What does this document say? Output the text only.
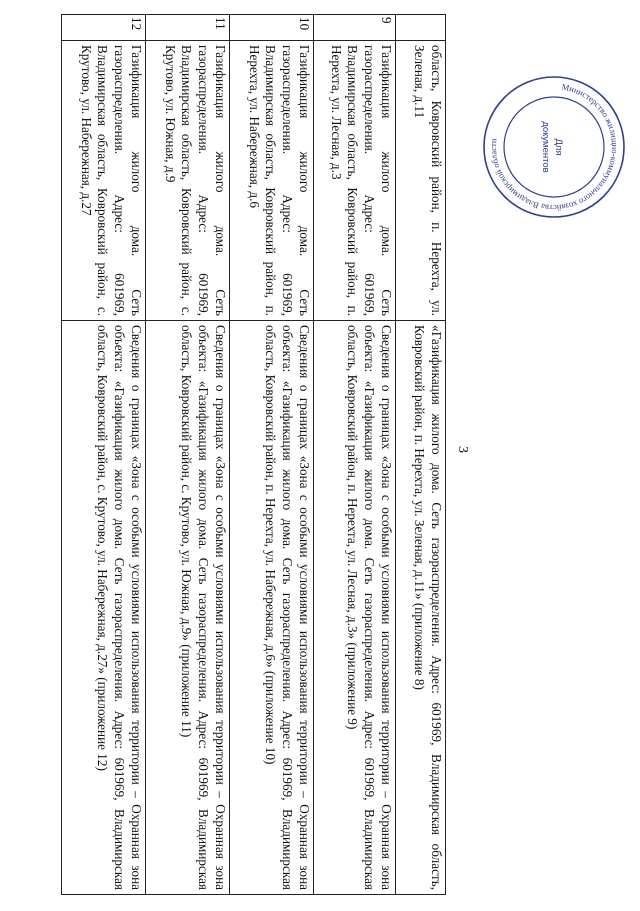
3
	область, Ковровский район, п. Нерехта, ул. Зеленая, д.11	«Газификация жилого дома. Сеть газораспределения. Адрес: 601969, Владимирская область, Ковровский район, п. Нерехта, ул. Зеленая, д.11» (приложение 8)
9	Газификация жилого дома. Сеть газораспределения. Адрес: 601969, Владимирская область, Ковровский район, п. Нерехта, ул. Лесная, д.3	Сведения о границах «Зона с особыми условиями использования территории – Охранная зона объекта: «Газификация жилого дома. Сеть газораспределения. Адрес: 601969, Владимирская область, Ковровский район, п. Нерехта, ул. Лесная, д.3» (приложение 9)
10	Газификация жилого дома. Сеть газораспределения. Адрес: 601969, Владимирская область, Ковровский район, п. Нерехта, ул. Набережная, д.6	Сведения о границах «Зона с особыми условиями использования территории – Охранная зона объекта: «Газификация жилого дома. Сеть газораспределения. Адрес: 601969, Владимирская область, Ковровский район, п. Нерехта, ул. Набережная, д.6» (приложение 10)
11	Газификация жилого дома. Сеть газораспределения. Адрес: 601969, Владимирская область, Ковровский район, с. Крутово, ул. Южная, д.9	Сведения о границах «Зона с особыми условиями использования территории – Охранная зона объекта: «Газификация жилого дома. Сеть газораспределения. Адрес: 601969, Владимирская область, Ковровский район, с. Крутово, ул. Южная, д.9» (приложение 11)
12	Газификация жилого дома. Сеть газораспределения. Адрес: 601969, Владимирская область, Ковровский район, с. Крутово, ул. Набережная, д.27	Сведения о границах «Зона с особыми условиями использования территории – Охранная зона объекта: «Газификация жилого дома. Сеть газораспределения. Адрес: 601969, Владимирская область, Ковровский район, с. Крутово, ул. Набережная, д.27» (приложение 12)
Министерство жилищно-коммунального хозяйства Владимирской области	Для
документов
